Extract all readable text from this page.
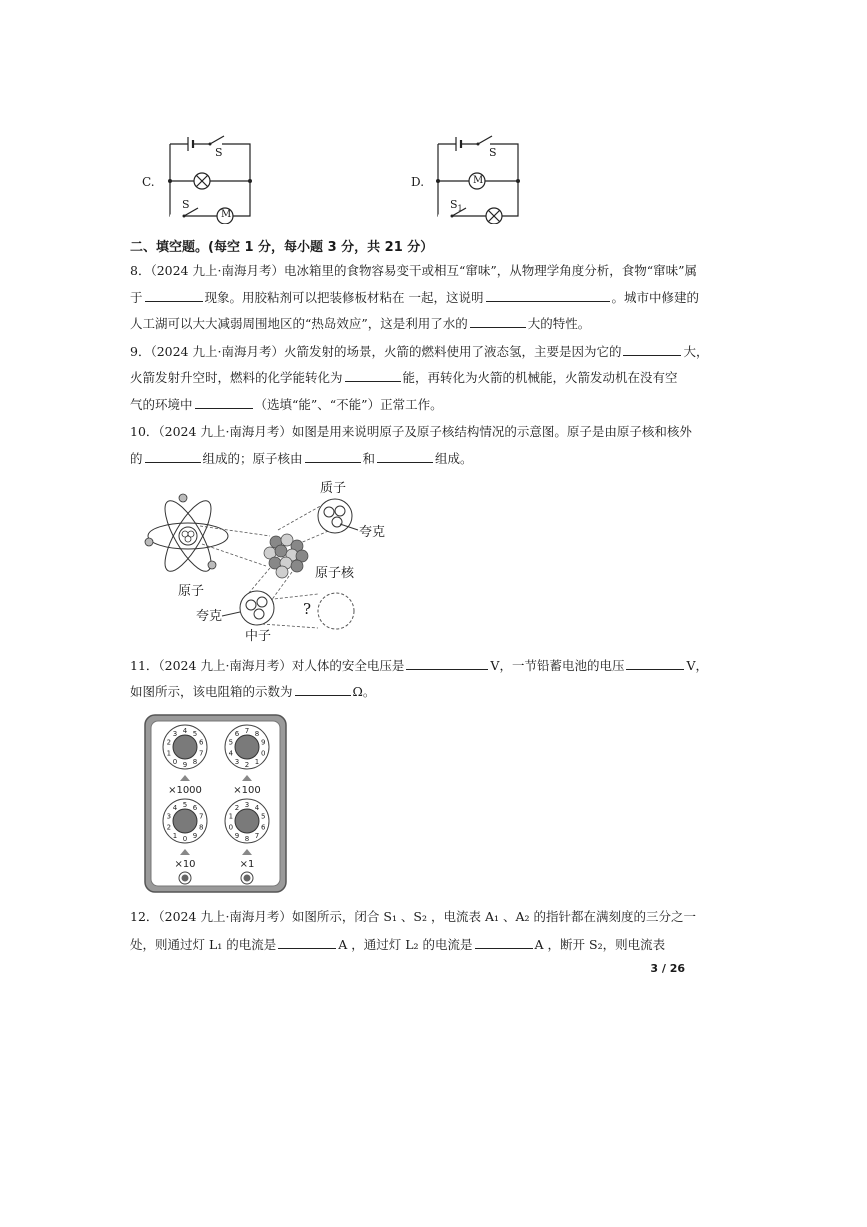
C.
S
S
M
D.
S
M
$S_1$
二、填空题。(每空 1 分，每小题 3 分，共 21 分）
8．（2024 九上·南海月考）电冰箱里的食物容易变干或相互“窜味”，从物理学角度分析，食物“窜味”属
于	现象。用胶粘剂可以把装修板材粘在 一起，这说明	。城市中修建的
人工湖可以大大减弱周围地区的“热岛效应”，这是利用了水的	大的特性。
9．（2024 九上·南海月考）火箭发射的场景，火箭的燃料使用了液态氢，主要是因为它的	大，
火箭发射升空时，燃料的化学能转化为	能，再转化为火箭的机械能，火箭发动机在没有空
气的环境中	（选填“能”、“不能”）正常工作。
10．（2024 九上·南海月考）如图是用来说明原子及原子核结构情况的示意图。原子是由原子核和核外
的	组成的；原子核由	和	组成。
质子
夸克
原子核
原子
夸克
中子
?
11．（2024 九上·南海月考）对人体的安全电压是	V，一节铅蓄电池的电压	V，
如图所示，该电阻箱的示数为	Ω。
0
1
2
3 4 5
6
7
8
9
×1000
0
1
2
3
4
5
6 7 8
9
×100
0
1
2
3
4 5 6
7
8
9
×10
0
1
2 3 4
5
6
7
8
9
×1
12．（2024 九上·南海月考）如图所示，闭合 S₁ 、S₂ ，电流表 A₁ 、A₂ 的指针都在满刻度的三分之一
处，则通过灯 L₁ 的电流是	A ，通过灯 L₂ 的电流是	A ，断开 S₂，则电流表
3 / 26
